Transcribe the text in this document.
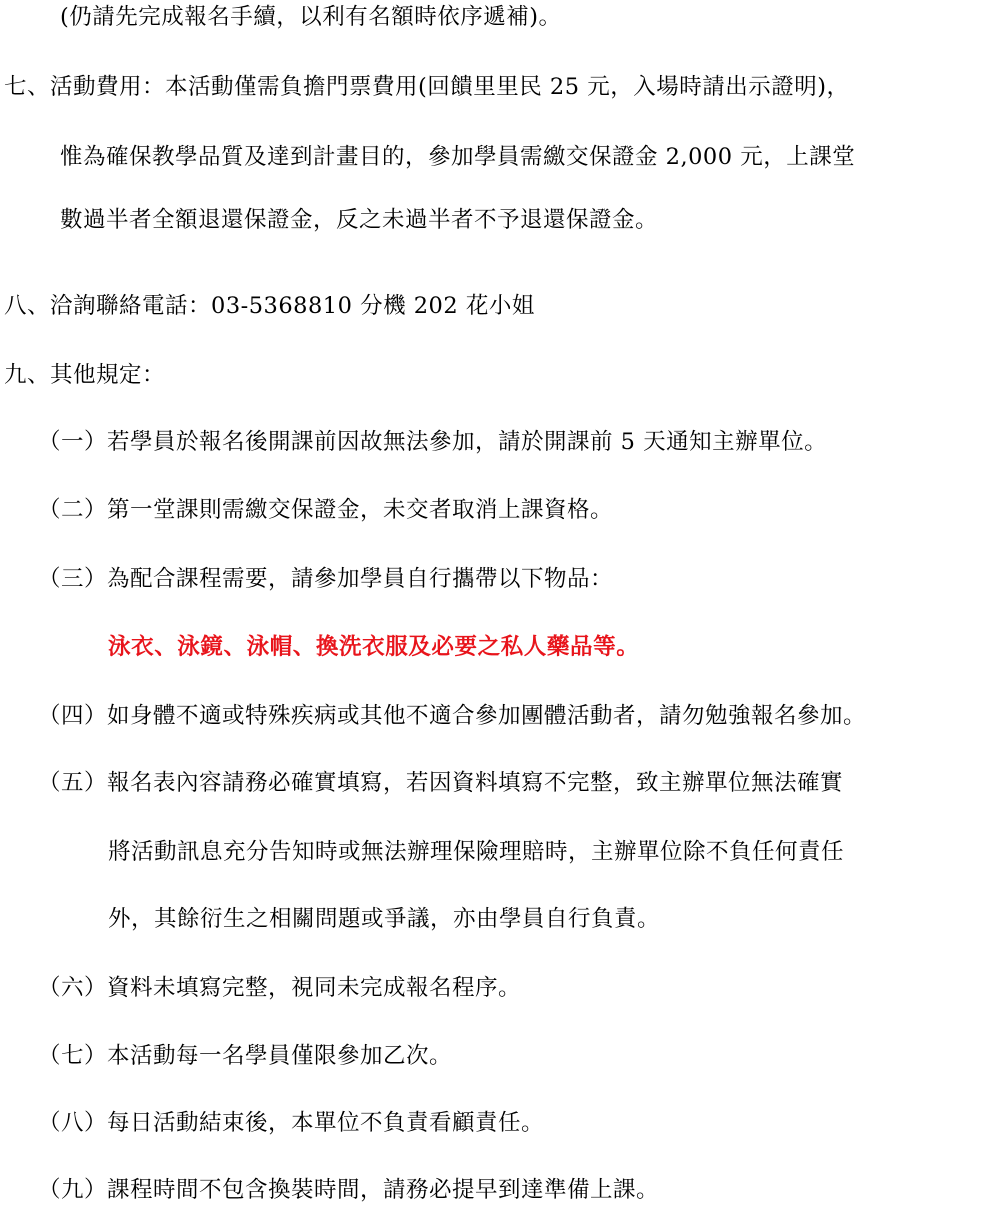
(仍請先完成報名手續，以利有名額時依序遞補)。
七、活動費用：本活動僅需負擔門票費用(回饋里里民 25 元，入場時請出示證明)，
惟為確保教學品質及達到計畫目的，參加學員需繳交保證金 2,000 元，上課堂
數過半者全額退還保證金，反之未過半者不予退還保證金。
八、洽詢聯絡電話：03-5368810 分機 202 花小姐
九、其他規定：
（一）若學員於報名後開課前因故無法參加，請於開課前 5 天通知主辦單位。
（二）第一堂課則需繳交保證金，未交者取消上課資格。
（三）為配合課程需要，請參加學員自行攜帶以下物品：
泳衣、泳鏡、泳帽、換洗衣服及必要之私人藥品等。
（四）如身體不適或特殊疾病或其他不適合參加團體活動者，請勿勉強報名參加。
（五）報名表內容請務必確實填寫，若因資料填寫不完整，致主辦單位無法確實
將活動訊息充分告知時或無法辦理保險理賠時，主辦單位除不負任何責任
外，其餘衍生之相關問題或爭議，亦由學員自行負責。
（六）資料未填寫完整，視同未完成報名程序。
（七）本活動每一名學員僅限參加乙次。
（八）每日活動結束後，本單位不負責看顧責任。
（九）課程時間不包含換裝時間，請務必提早到達準備上課。
